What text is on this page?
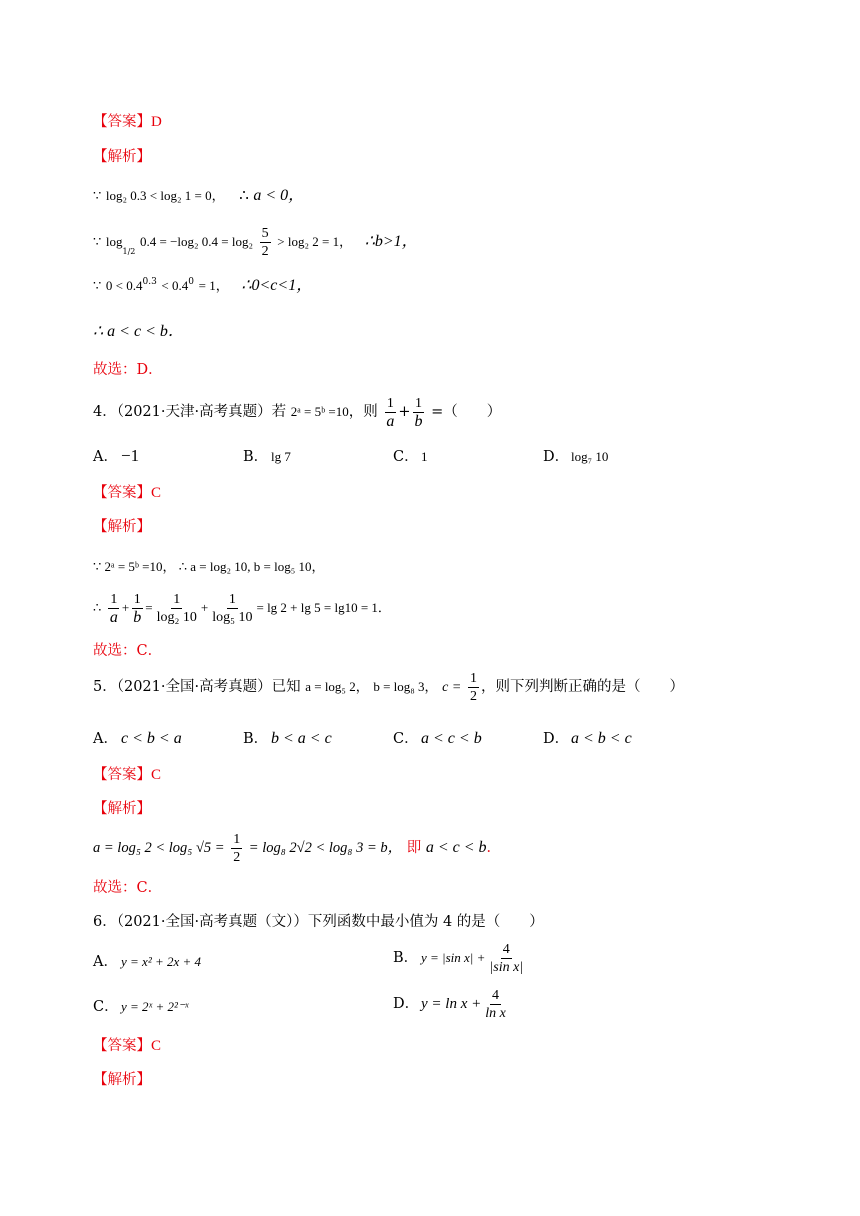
【答案】D
【解析】
∵ log₂ 0.3 < log₂ 1 = 0， ∴ a < 0，
∵ $\log_{1/2} 0.4 = -\log_2$ $0.4 = \log_2 \frac{5}{2} > \log_2$ 2 = 1， ∴b>1，
∵ $0 < 0.4^{0.3} < 0.4^0 = 1$， ∴0<c<1，
∴ a < c < b．
故选：D．
4．（2021·天津·高考真题）若 2ᵃ = 5ᵇ =10，则 $\frac{1}{a} + \frac{1}{b}$ =（　　）
A． −1	B． lg 7	C． 1	D． log₇ 10
【答案】C
【解析】
∵ 2ᵃ = 5ᵇ =10， ∴ a = log₂ 10, b = log₅ 10，
∴ $\frac{1}{a} + \frac{1}{b} = \frac{1}{\text{log₂ 10}} + \frac{1}{\text{log₅ 10}} = \lg 2 + \lg 5 = \lg 10 = 1$．
故选：C．
5．（2021·全国·高考真题）已知 a = log₅ 2， b = log₈ 3， $c = \frac{1}{2}$ ，则下列判断正确的是（　　）
A． c < b < a	B． b < a < c	C． a < c < b	D． a < b < c
【答案】C
【解析】
a = log₅ 2 < log₅ $√5 = \frac{1}{2} = \log_8$ 2√2 < log₈ 3 = b， 即 a < c < b．
故选：C．
6．（2021·全国·高考真题（文））下列函数中最小值为 4 的是（　　）
A． y = x² + 2x + 4	B． y = |sin $x| + \frac{4}{\text{|sin x|}}$
C． y = 2ˣ + 2²⁻ˣ	D． $y = \ln x + \frac{4}{\text{ln x}}$
【答案】C
【解析】
